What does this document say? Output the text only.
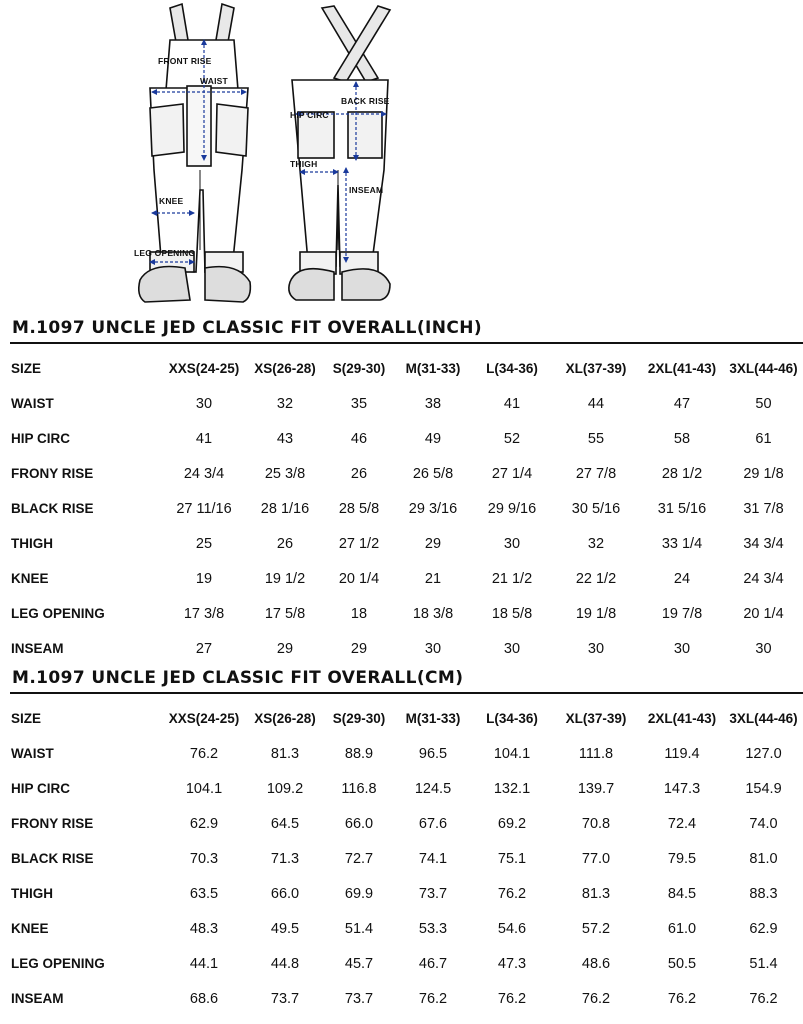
FRONT RISE
WAIST
KNEE
LEG OPENING
BACK RISE
HIP CIRC
THIGH
INSEAM
M.1097 UNCLE JED CLASSIC FIT OVERALL(INCH)
SIZE	XXS(24-25)	XS(26-28)	S(29-30)	M(31-33)	L(34-36)	XL(37-39)	2XL(41-43)	3XL(44-46)
WAIST	30	32	35	38	41	44	47	50
HIP CIRC	41	43	46	49	52	55	58	61
FRONY RISE	24 3/4	25 3/8	26	26 5/8	27 1/4	27 7/8	28 1/2	29 1/8
BLACK RISE	27 11/16	28 1/16	28 5/8	29 3/16	29 9/16	30 5/16	31 5/16	31 7/8
THIGH	25	26	27 1/2	29	30	32	33 1/4	34 3/4
KNEE	19	19 1/2	20 1/4	21	21 1/2	22 1/2	24	24 3/4
LEG OPENING	17 3/8	17 5/8	18	18 3/8	18 5/8	19 1/8	19 7/8	20 1/4
INSEAM	27	29	29	30	30	30	30	30
M.1097 UNCLE JED CLASSIC FIT OVERALL(CM)
SIZE	XXS(24-25)	XS(26-28)	S(29-30)	M(31-33)	L(34-36)	XL(37-39)	2XL(41-43)	3XL(44-46)
WAIST	76.2	81.3	88.9	96.5	104.1	111.8	119.4	127.0
HIP CIRC	104.1	109.2	116.8	124.5	132.1	139.7	147.3	154.9
FRONY RISE	62.9	64.5	66.0	67.6	69.2	70.8	72.4	74.0
BLACK RISE	70.3	71.3	72.7	74.1	75.1	77.0	79.5	81.0
THIGH	63.5	66.0	69.9	73.7	76.2	81.3	84.5	88.3
KNEE	48.3	49.5	51.4	53.3	54.6	57.2	61.0	62.9
LEG OPENING	44.1	44.8	45.7	46.7	47.3	48.6	50.5	51.4
INSEAM	68.6	73.7	73.7	76.2	76.2	76.2	76.2	76.2
